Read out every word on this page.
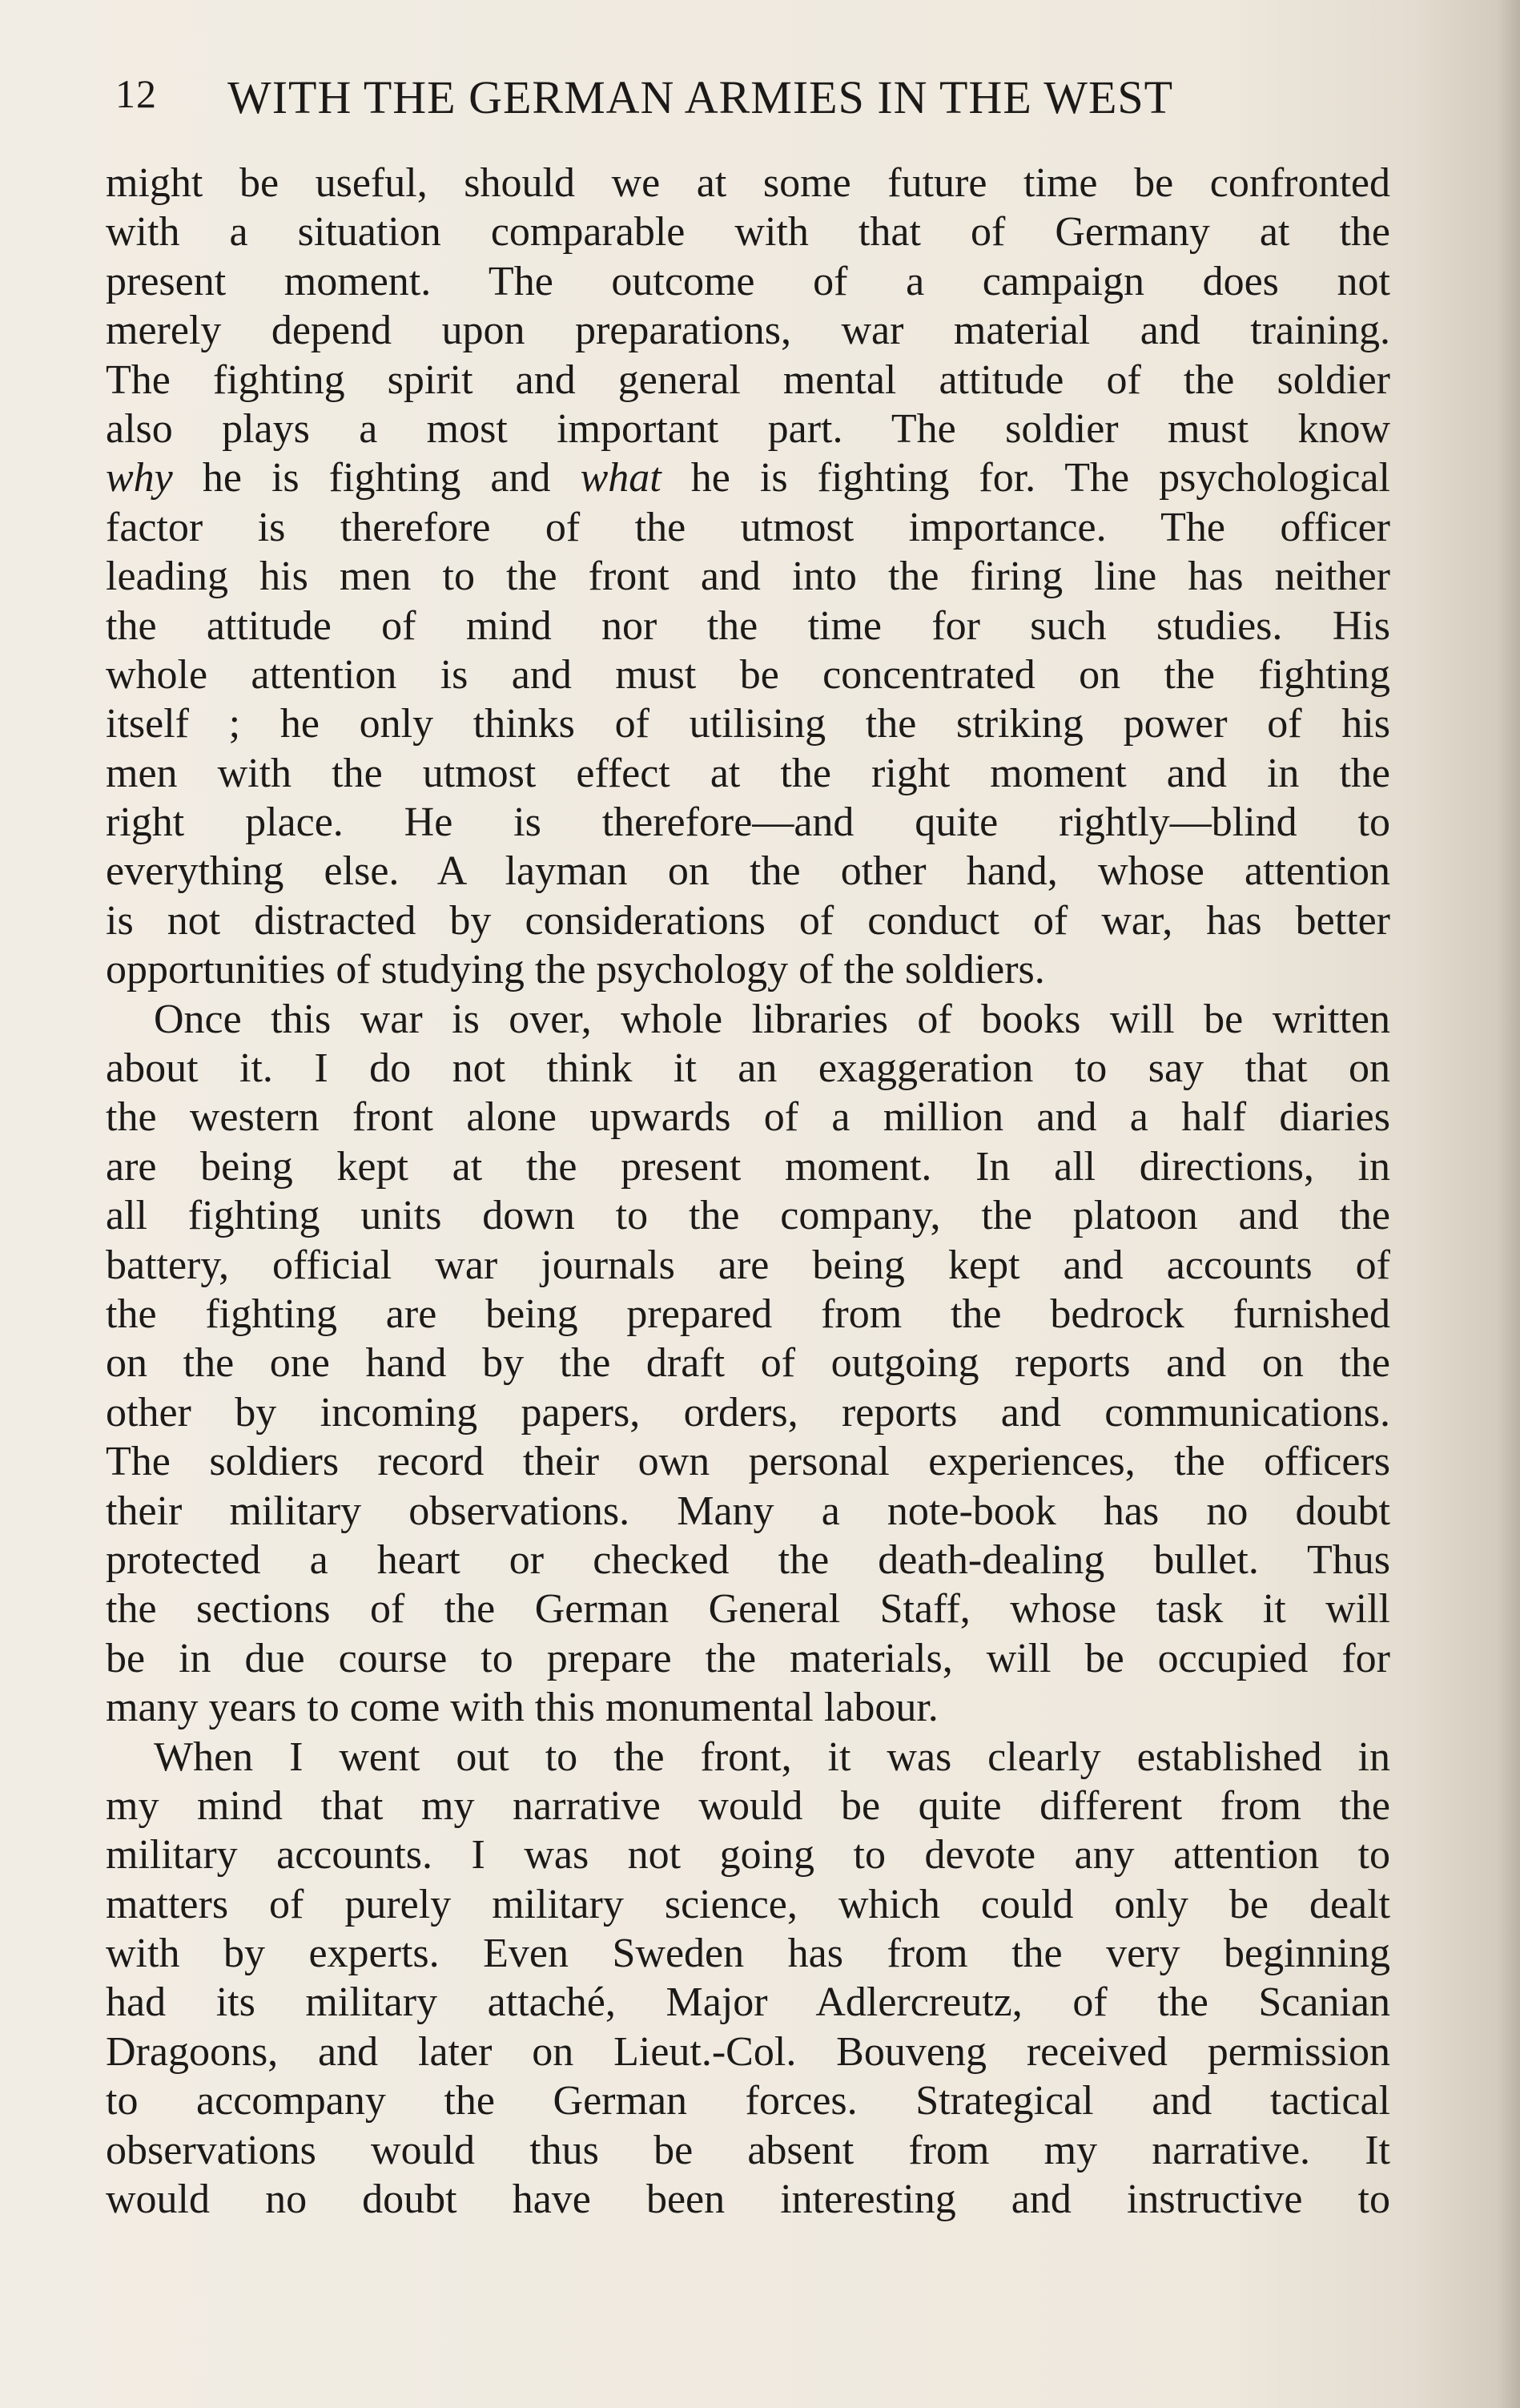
12 WITH THE GERMAN ARMIES IN THE WEST
might be useful, should we at some future time be confronted
with a situation comparable with that of Germany at the
present moment. The outcome of a campaign does not
merely depend upon preparations, war material and training.
The fighting spirit and general mental attitude of the soldier
also plays a most important part. The soldier must know
why he is fighting and what he is fighting for. The psychological
factor is therefore of the utmost importance. The officer
leading his men to the front and into the firing line has neither
the attitude of mind nor the time for such studies. His
whole attention is and must be concentrated on the fighting
itself ; he only thinks of utilising the striking power of his
men with the utmost effect at the right moment and in the
right place. He is therefore—and quite rightly—blind to
everything else. A layman on the other hand, whose attention
is not distracted by considerations of conduct of war, has better
opportunities of studying the psychology of the soldiers.
Once this war is over, whole libraries of books will be written
about it. I do not think it an exaggeration to say that on
the western front alone upwards of a million and a half diaries
are being kept at the present moment. In all directions, in
all fighting units down to the company, the platoon and the
battery, official war journals are being kept and accounts of
the fighting are being prepared from the bedrock furnished
on the one hand by the draft of outgoing reports and on the
other by incoming papers, orders, reports and communications.
The soldiers record their own personal experiences, the officers
their military observations. Many a note-book has no doubt
protected a heart or checked the death-dealing bullet. Thus
the sections of the German General Staff, whose task it will
be in due course to prepare the materials, will be occupied for
many years to come with this monumental labour.
When I went out to the front, it was clearly established in
my mind that my narrative would be quite different from the
military accounts. I was not going to devote any attention to
matters of purely military science, which could only be dealt
with by experts. Even Sweden has from the very beginning
had its military attaché, Major Adlercreutz, of the Scanian
Dragoons, and later on Lieut.-Col. Bouveng received permission
to accompany the German forces. Strategical and tactical
observations would thus be absent from my narrative. It
would no doubt have been interesting and instructive to
